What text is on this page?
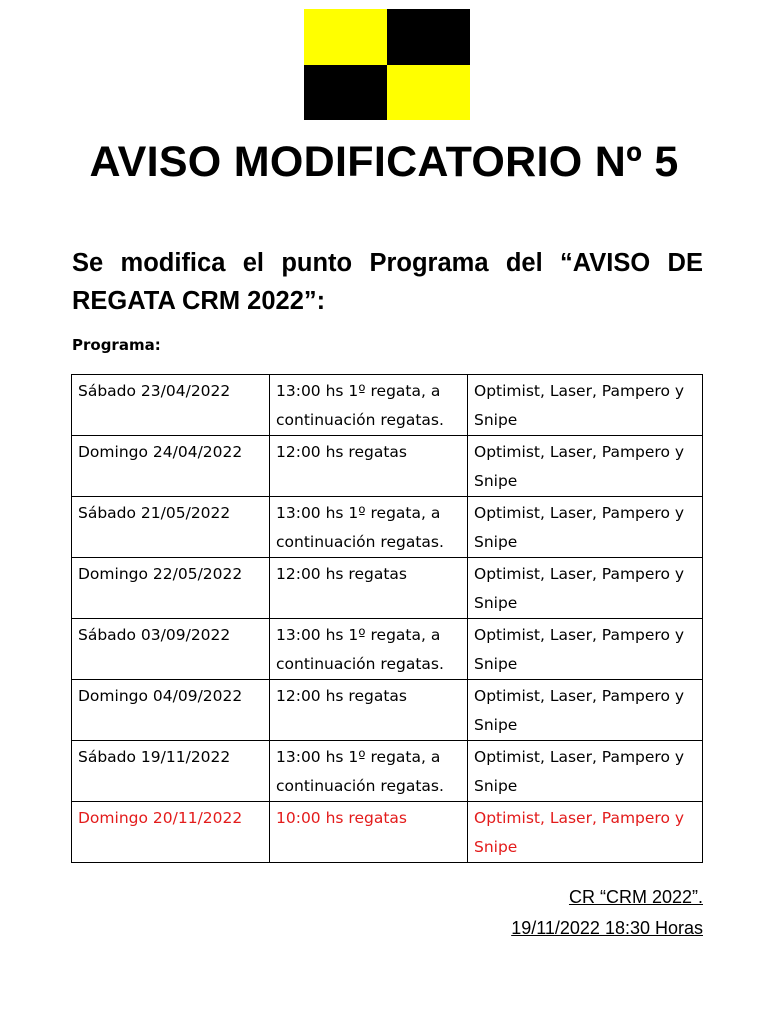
AVISO MODIFICATORIO Nº 5
Se modifica el punto Programa del “AVISO DE REGATA CRM 2022”:
Programa:
Sábado 23/04/2022	13:00 hs 1º regata, a continuación regatas.	Optimist, Laser, Pampero y Snipe
Domingo 24/04/2022	12:00 hs regatas	Optimist, Laser, Pampero y Snipe
Sábado 21/05/2022	13:00 hs 1º regata, a continuación regatas.	Optimist, Laser, Pampero y Snipe
Domingo 22/05/2022	12:00 hs regatas	Optimist, Laser, Pampero y Snipe
Sábado 03/09/2022	13:00 hs 1º regata, a continuación regatas.	Optimist, Laser, Pampero y Snipe
Domingo 04/09/2022	12:00 hs regatas	Optimist, Laser, Pampero y Snipe
Sábado 19/11/2022	13:00 hs 1º regata, a continuación regatas.	Optimist, Laser, Pampero y Snipe
Domingo 20/11/2022	10:00 hs regatas	Optimist, Laser, Pampero y Snipe
CR “CRM 2022”.
19/11/2022 18:30 Horas
